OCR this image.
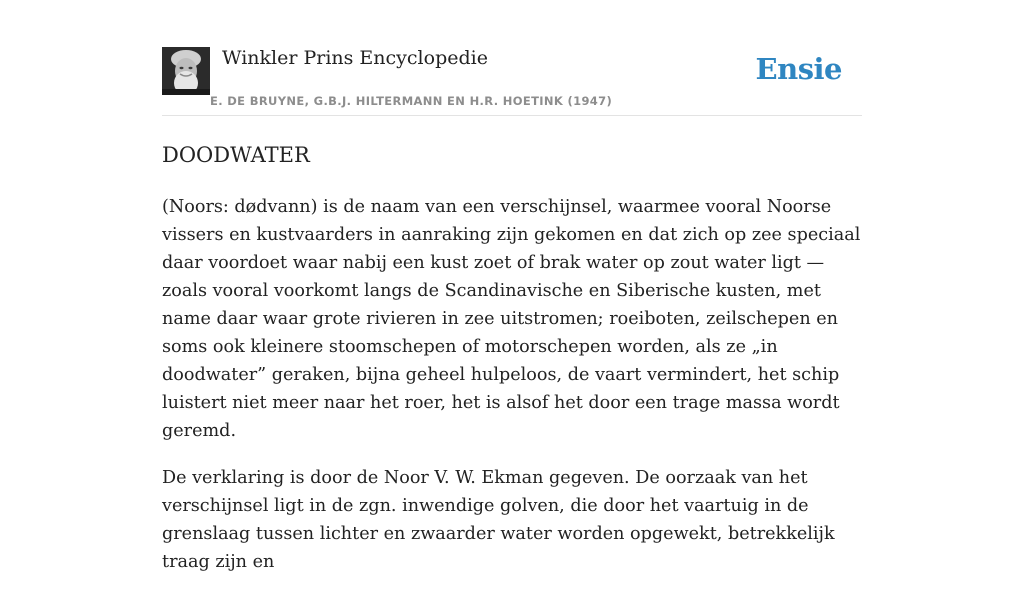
Winkler Prins Encyclopedie
E. DE BRUYNE, G.B.J. HILTERMANN EN H.R. HOETINK (1947)
Ensie
DOODWATER

(Noors: dødvann) is de naam van een verschijnsel, waarmee vooral Noorse vissers en kustvaarders in aanraking zijn gekomen en dat zich op zee speciaal daar voordoet waar nabij een kust zoet of brak water op zout water ligt — zoals vooral voorkomt langs de Scandinavische en Siberische kusten, met name daar waar grote rivieren in zee uitstromen; roeiboten, zeilschepen en soms ook kleinere stoomschepen of motorschepen worden, als ze „in doodwater” geraken, bijna geheel hulpeloos, de vaart vermindert, het schip luistert niet meer naar het roer, het is alsof het door een trage massa wordt geremd.

De verklaring is door de Noor V. W. Ekman gegeven. De oorzaak van het verschijnsel ligt in de zgn. inwendige golven, die door het vaartuig in de grenslaag tussen lichter en zwaarder water worden opgewekt, betrekkelijk traag zijn en
